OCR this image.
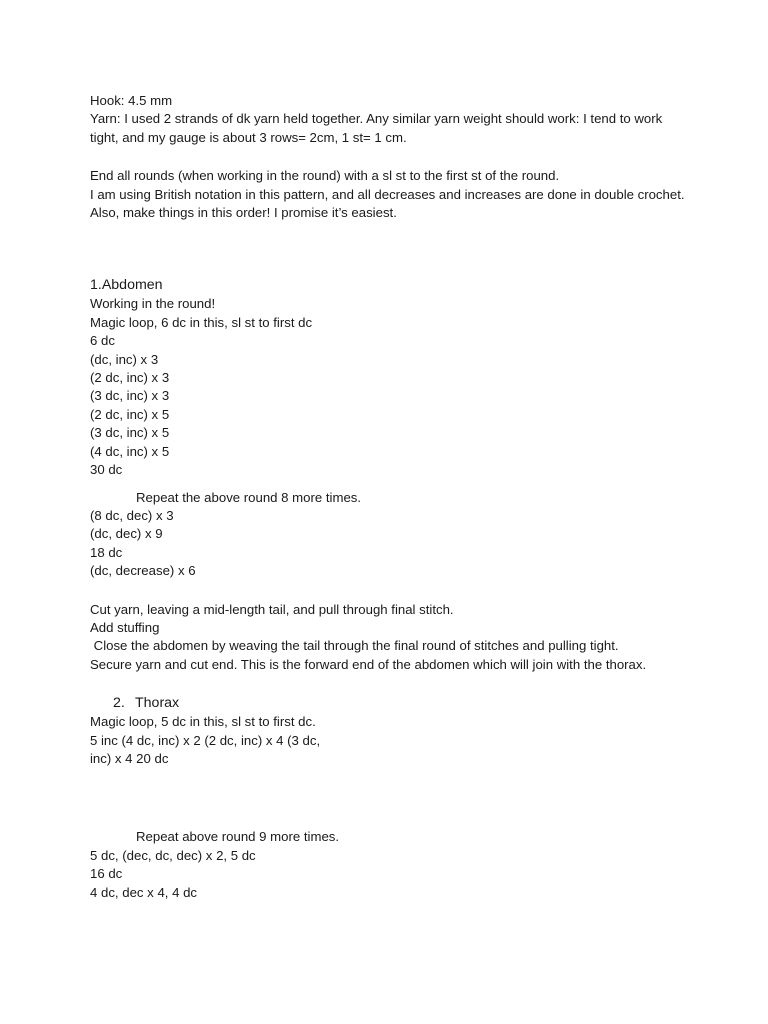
Hook: 4.5 mm
Yarn: I used 2 strands of dk yarn held together. Any similar yarn weight should work: I tend to work tight, and my gauge is about 3 rows= 2cm, 1 st= 1 cm.
End all rounds (when working in the round) with a sl st to the first st of the round.
I am using British notation in this pattern, and all decreases and increases are done in double crochet.
Also, make things in this order! I promise it’s easiest.
1.Abdomen
Working in the round!
Magic loop, 6 dc in this, sl st to first dc
6 dc
(dc, inc) x 3
(2 dc, inc) x 3
(3 dc, inc) x 3
(2 dc, inc) x 5
(3 dc, inc) x 5
(4 dc, inc) x 5
30 dc
Repeat the above round 8 more times.
(8 dc, dec) x 3
(dc, dec) x 9
18 dc
(dc, decrease) x 6
Cut yarn, leaving a mid-length tail, and pull through final stitch.
Add stuffing
Close the abdomen by weaving the tail through the final round of stitches and pulling tight.
Secure yarn and cut end. This is the forward end of the abdomen which will join with the thorax.
2. Thorax
Magic loop, 5 dc in this, sl st to first dc.
5 inc (4 dc, inc) x 2 (2 dc, inc) x 4 (3 dc,
inc) x 4 20 dc
Repeat above round 9 more times.
5 dc, (dec, dc, dec) x 2, 5 dc
16 dc
4 dc, dec x 4, 4 dc
